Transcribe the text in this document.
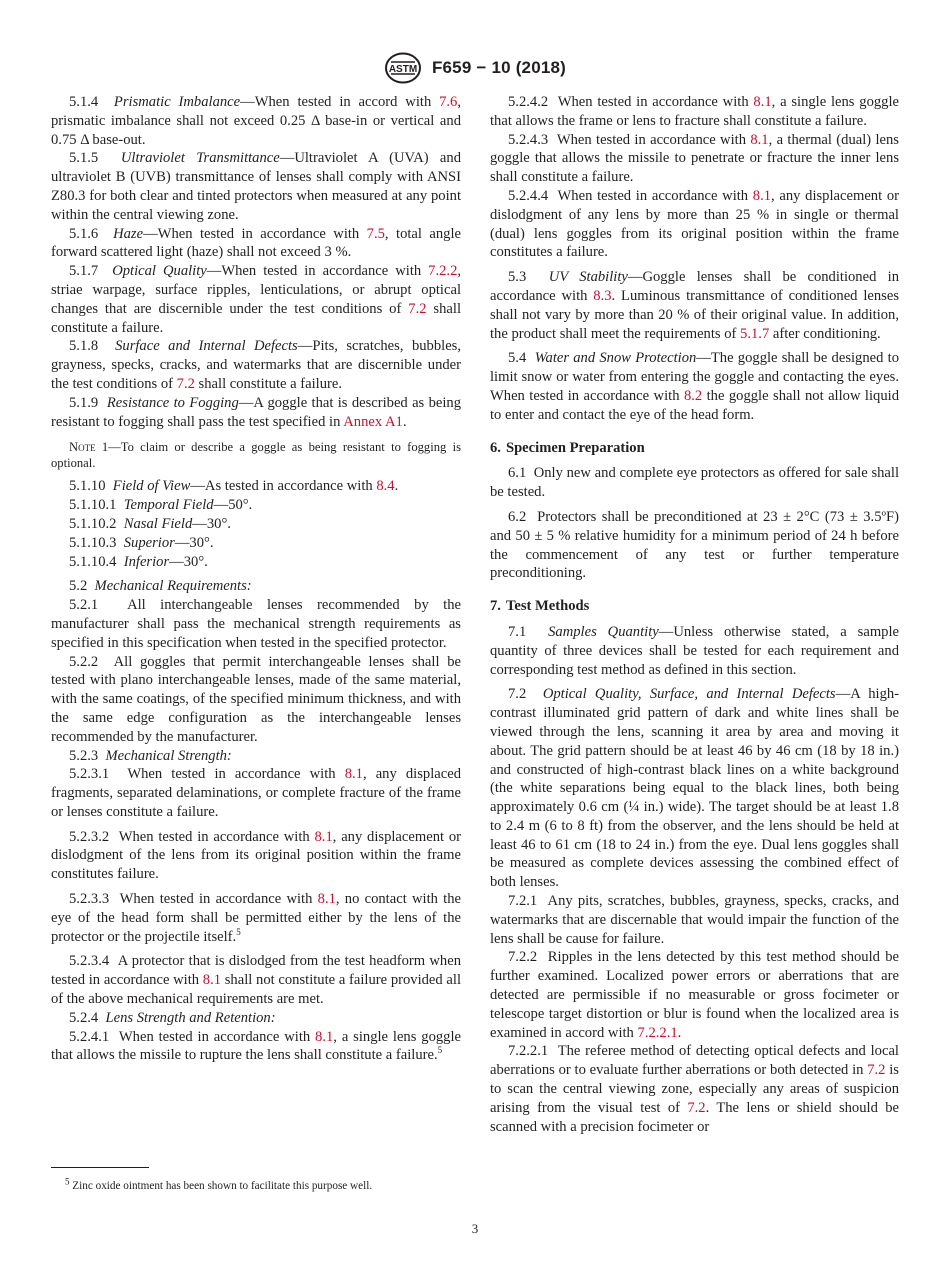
ASTM F659 − 10 (2018)

5.1.4 Prismatic Imbalance—When tested in accord with 7.6, prismatic imbalance shall not exceed 0.25 Δ base-in or vertical and 0.75 Δ base-out.

5.1.5 Ultraviolet Transmittance—Ultraviolet A (UVA) and ultraviolet B (UVB) transmittance of lenses shall comply with ANSI Z80.3 for both clear and tinted protectors when measured at any point within the central viewing zone.

5.1.6 Haze—When tested in accordance with 7.5, total angle forward scattered light (haze) shall not exceed 3 %.

5.1.7 Optical Quality—When tested in accordance with 7.2.2, striae warpage, surface ripples, lenticulations, or abrupt optical changes that are discernible under the test conditions of 7.2 shall constitute a failure.

5.1.8 Surface and Internal Defects—Pits, scratches, bubbles, grayness, specks, cracks, and watermarks that are discernible under the test conditions of 7.2 shall constitute a failure.

5.1.9 Resistance to Fogging—A goggle that is described as being resistant to fogging shall pass the test specified in Annex A1.

Note 1—To claim or describe a goggle as being resistant to fogging is optional.

5.1.10 Field of View—As tested in accordance with 8.4.

5.1.10.1 Temporal Field—50°.

5.1.10.2 Nasal Field—30°.

5.1.10.3 Superior—30°.

5.1.10.4 Inferior—30°.

5.2 Mechanical Requirements:

5.2.1 All interchangeable lenses recommended by the manufacturer shall pass the mechanical strength requirements as specified in this specification when tested in the specified protector.

5.2.2 All goggles that permit interchangeable lenses shall be tested with plano interchangeable lenses, made of the same material, with the same coatings, of the specified minimum thickness, and with the same edge configuration as the interchangeable lenses recommended by the manufacturer.

5.2.3 Mechanical Strength:

5.2.3.1 When tested in accordance with 8.1, any displaced fragments, separated delaminations, or complete fracture of the frame or lenses constitute a failure.

5.2.3.2 When tested in accordance with 8.1, any displacement or dislodgment of the lens from its original position within the frame constitutes failure.

5.2.3.3 When tested in accordance with 8.1, no contact with the eye of the head form shall be permitted either by the lens of the protector or the projectile itself.$^5$

5.2.3.4 A protector that is dislodged from the test headform when tested in accordance with 8.1 shall not constitute a failure provided all of the above mechanical requirements are met.

5.2.4 Lens Strength and Retention:

5.2.4.1 When tested in accordance with 8.1, a single lens goggle that allows the missile to rupture the lens shall constitute a failure.$^5$

5.2.4.2 When tested in accordance with 8.1, a single lens goggle that allows the frame or lens to fracture shall constitute a failure.

5.2.4.3 When tested in accordance with 8.1, a thermal (dual) lens goggle that allows the missile to penetrate or fracture the inner lens shall constitute a failure.

5.2.4.4 When tested in accordance with 8.1, any displacement or dislodgment of any lens by more than 25 % in single or thermal (dual) lens goggles from its original position within the frame constitutes a failure.

5.3 UV Stability—Goggle lenses shall be conditioned in accordance with 8.3. Luminous transmittance of conditioned lenses shall not vary by more than 20 % of their original value. In addition, the product shall meet the requirements of 5.1.7 after conditioning.

5.4 Water and Snow Protection—The goggle shall be designed to limit snow or water from entering the goggle and contacting the eyes. When tested in accordance with 8.2 the goggle shall not allow liquid to enter and contact the eye of the head form.

6. Specimen Preparation

6.1 Only new and complete eye protectors as offered for sale shall be tested.

6.2 Protectors shall be preconditioned at 23 ± 2°C (73 ± 3.5ºF) and 50 ± 5 % relative humidity for a minimum period of 24 h before the commencement of any test or further temperature preconditioning.

7. Test Methods

7.1 Samples Quantity—Unless otherwise stated, a sample quantity of three devices shall be tested for each requirement and corresponding test method as defined in this section.

7.2 Optical Quality, Surface, and Internal Defects—A high-contrast illuminated grid pattern of dark and white lines shall be viewed through the lens, scanning it area by area and moving it about. The grid pattern should be at least 46 by 46 cm (18 by 18 in.) and constructed of high-contrast black lines on a white background (the white separations being equal to the black lines, both being approximately 0.6 cm (¼ in.) wide). The target should be at least 1.8 to 2.4 m (6 to 8 ft) from the observer, and the lens should be held at least 46 to 61 cm (18 to 24 in.) from the eye. Dual lens goggles shall be measured as complete devices assessing the combined effect of both lenses.

7.2.1 Any pits, scratches, bubbles, grayness, specks, cracks, and watermarks that are discernable that would impair the function of the lens shall be cause for failure.

7.2.2 Ripples in the lens detected by this test method should be further examined. Localized power errors or aberrations that are detected are permissible if no measurable or gross focimeter or telescope target distortion or blur is found when the localized area is examined in accord with 7.2.2.1.

7.2.2.1 The referee method of detecting optical defects and local aberrations or to evaluate further aberrations or both detected in 7.2 is to scan the central viewing zone, especially any areas of suspicion arising from the visual test of 7.2. The lens or shield should be scanned with a precision focimeter or

$^5$ Zinc oxide ointment has been shown to facilitate this purpose well.
3
